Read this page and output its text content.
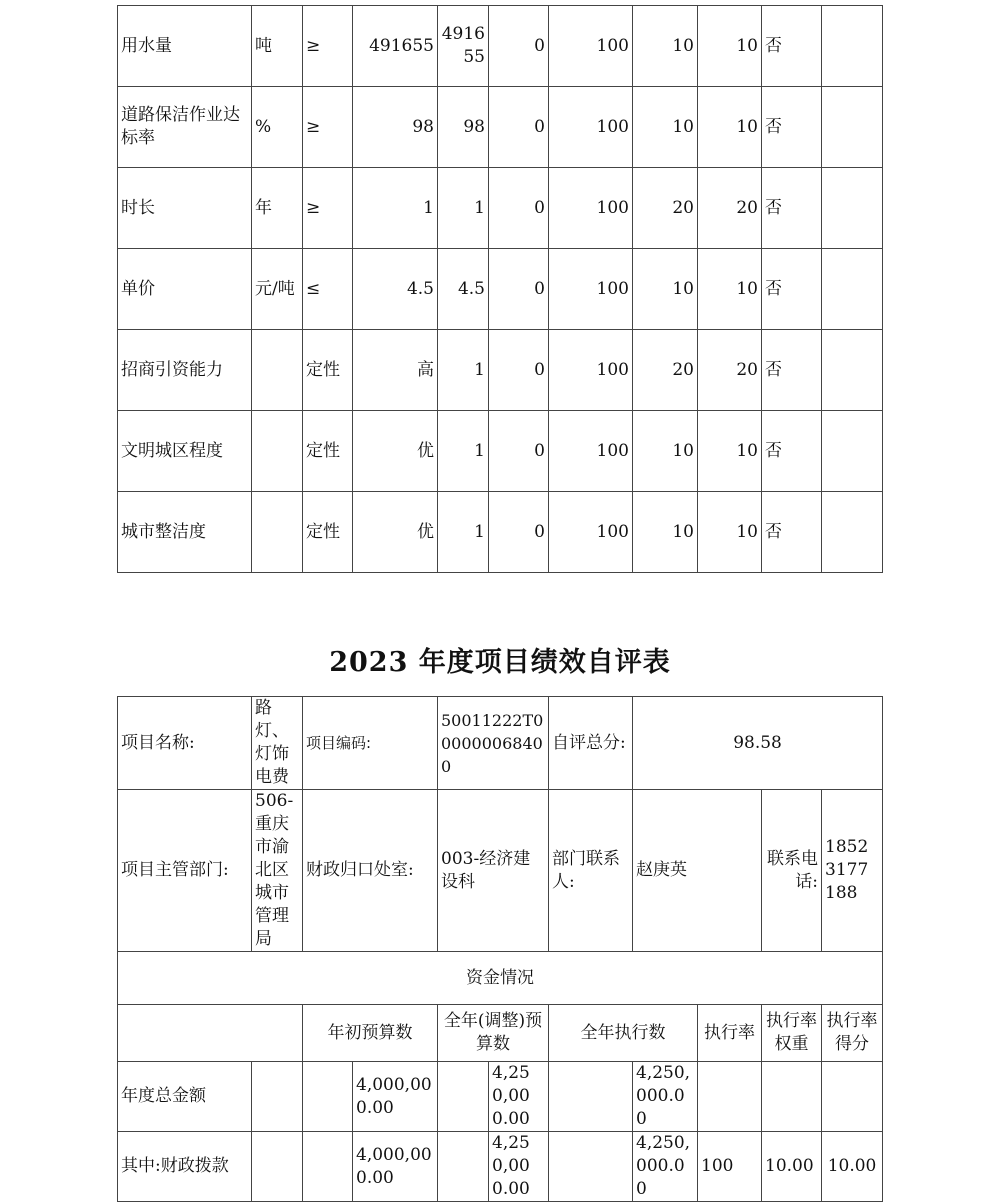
用水量	吨	≥	491655	491655	0	100	10	10	否	
道路保洁作业达标率	%	≥	98	98	0	100	10	10	否	
时长	年	≥	1	1	0	100	20	20	否	
单价	元/吨	≤	4.5	4.5	0	100	10	10	否	
招商引资能力		定性	高	1	0	100	20	20	否	
文明城区程度		定性	优	1	0	100	10	10	否	
城市整洁度		定性	优	1	0	100	10	10	否	
2023 年度项目绩效自评表
项目名称:	路灯、灯饰电费	项目编码:		50011222T000000068400		自评总分:	98.58			
项目主管部门:	506-重庆市渝北区城市管理局	财政归口处室:		003-经济建设科		部门联系人:	赵庚英		联系电话:	18523177188
资金情况										
		年初预算数		全年(调整)预算数		全年执行数		执行率	执行率权重	执行率得分
年度总金额			4,000,000.00		4,250,000.00		4,250,000.00			
其中:财政拨款			4,000,000.00		4,250,000.00		4,250,000.00	100	10.00	10.00
